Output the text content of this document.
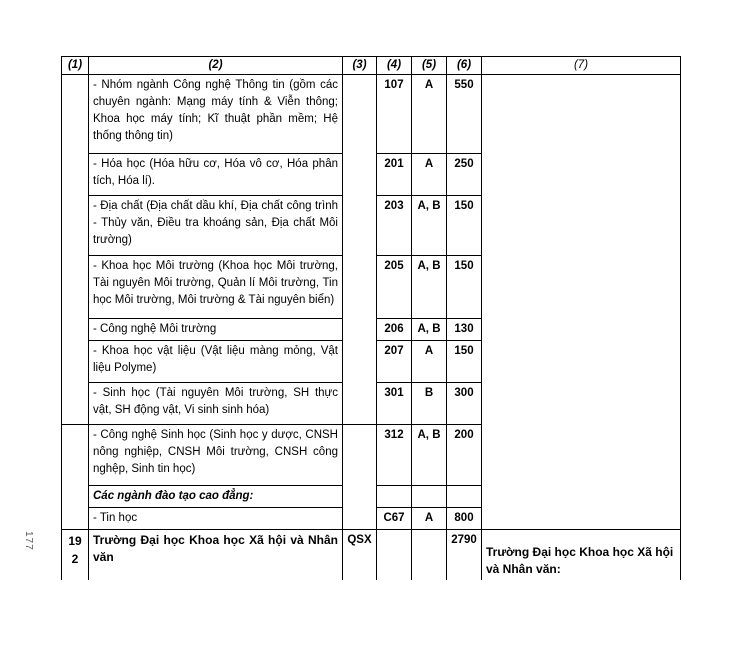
177
(1)	(2)	(3)	(4)	(5)	(6)	(7)
	- Nhóm ngành Công nghệ Thông tin (gồm các chuyên ngành: Mạng máy tính & Viễn thông; Khoa học máy tính; Kĩ thuật phần mềm; Hệ thống thông tin)		107	A	550	
	- Hóa học (Hóa hữu cơ, Hóa vô cơ, Hóa phân tích, Hóa lí).		201	A	250	
	- Địa chất (Địa chất dầu khí, Địa chất công trình - Thủy văn, Điều tra khoáng sản, Địa chất Môi trường)		203	A, B	150	
	- Khoa học Môi trường (Khoa học Môi trường, Tài nguyên Môi trường, Quản lí Môi trường, Tin học Môi trường, Môi trường & Tài nguyên biển)		205	A, B	150	
	- Công nghệ Môi trường		206	A, B	130	
	- Khoa học vật liệu (Vật liệu màng mỏng, Vật liệu Polyme)		207	A	150	
	- Sinh học (Tài nguyên Môi trường, SH thực vật, SH động vật, Vi sinh sinh hóa)		301	B	300	
	- Công nghệ Sinh học (Sinh học y dược, CNSH nông nghiệp, CNSH Môi trường, CNSH công nghệp, Sinh tin học)		312	A, B	200	
	Các ngành đào tạo cao đẳng:					
	- Tin học		C67	A	800	
192	Trường Đại học Khoa học Xã hội và Nhân văn	QSX			2790	Trường Đại học Khoa học Xã hội và Nhân văn:
